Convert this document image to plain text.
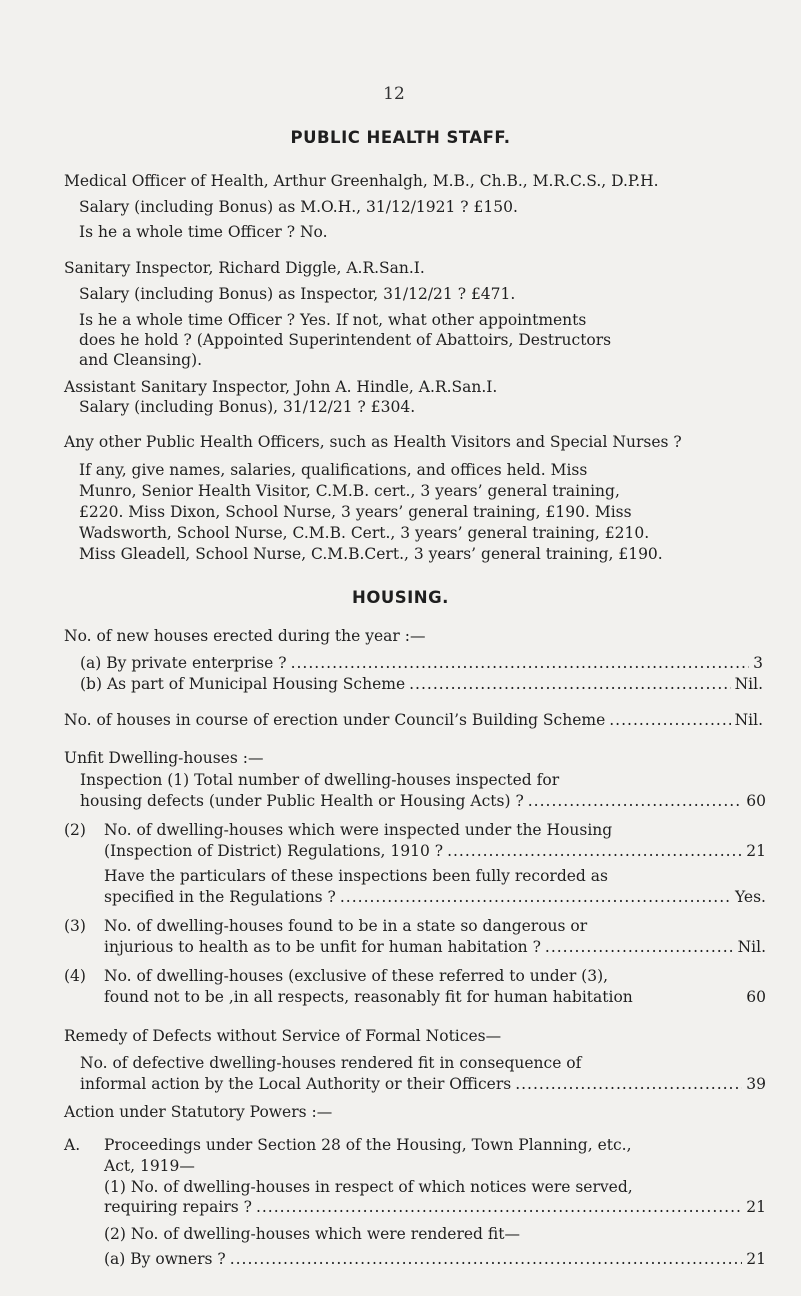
12
PUBLIC HEALTH STAFF.
Medical Officer of Health, Arthur Greenhalgh, M.B., Ch.B., M.R.C.S., D.P.H.
Salary (including Bonus) as M.O.H., 31/12/1921 ? £150.
Is he a whole time Officer ? No.
Sanitary Inspector, Richard Diggle, A.R.San.I.
Salary (including Bonus) as Inspector, 31/12/21 ? £471.
Is he a whole time Officer ? Yes. If not, what other appointments
does he hold ? (Appointed Superintendent of Abattoirs, Destructors
and Cleansing).
Assistant Sanitary Inspector, John A. Hindle, A.R.San.I.
Salary (including Bonus), 31/12/21 ? £304.
Any other Public Health Officers, such as Health Visitors and Special Nurses ?
If any, give names, salaries, qualifications, and offices held. Miss
Munro, Senior Health Visitor, C.M.B. cert., 3 years’ general training,
£220. Miss Dixon, School Nurse, 3 years’ general training, £190. Miss
Wadsworth, School Nurse, C.M.B. Cert., 3 years’ general training, £210.
Miss Gleadell, School Nurse, C.M.B.Cert., 3 years’ general training, £190.
HOUSING.
No. of new houses erected during the year :—
(a) By private enterprise ? .....	3
(b) As part of Municipal Housing Scheme .....	Nil.
No. of houses in course of erection under Council’s Building Scheme .....	Nil.
Unfit Dwelling-houses :—
Inspection (1) Total number of dwelling-houses inspected for
housing defects (under Public Health or Housing Acts) ? .....	60
(2) No. of dwelling-houses which were inspected under the Housing
(Inspection of District) Regulations, 1910 ? .....	21
Have the particulars of these inspections been fully recorded as
specified in the Regulations ? .....	Yes.
(3) No. of dwelling-houses found to be in a state so dangerous or
injurious to health as to be unfit for human habitation ? .....	Nil.
(4) No. of dwelling-houses (exclusive of these referred to under (3),
found not to be ,in all respects, reasonably fit for human habitation	60
Remedy of Defects without Service of Formal Notices—
No. of defective dwelling-houses rendered fit in consequence of
informal action by the Local Authority or their Officers .....	39
Action under Statutory Powers :—
A. Proceedings under Section 28 of the Housing, Town Planning, etc.,
Act, 1919—
(1) No. of dwelling-houses in respect of which notices were served,
requiring repairs ? .....	21
(2) No. of dwelling-houses which were rendered fit—
(a) By owners ? .....	21
